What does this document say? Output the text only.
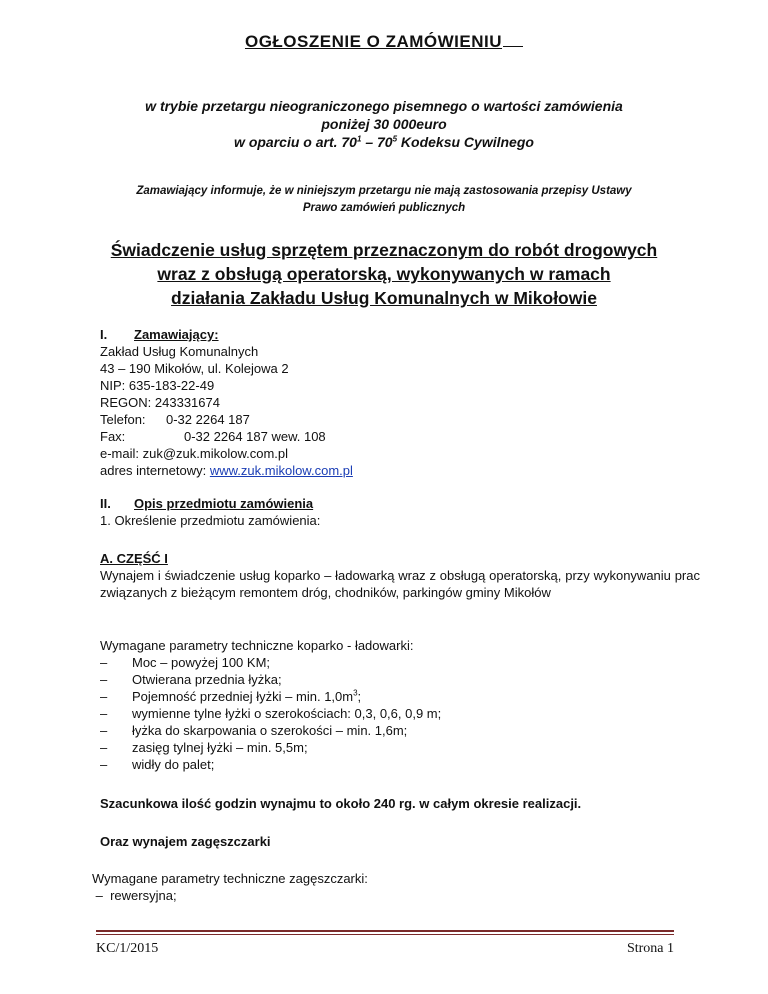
OGŁOSZENIE O ZAMÓWIENIU
w trybie przetargu nieograniczonego pisemnego o wartości zamówienia
poniżej 30 000euro
w oparciu o art. $70^1 - 70^5$ Kodeksu Cywilnego
Zamawiający informuje, że w niniejszym przetargu nie mają zastosowania przepisy Ustawy
Prawo zamówień publicznych
Świadczenie usług sprzętem przeznaczonym do robót drogowych
wraz z obsługą operatorską, wykonywanych w ramach
działania Zakładu Usług Komunalnych w Mikołowie
I. Zamawiający:
Zakład Usług Komunalnych
43 – 190 Mikołów, ul. Kolejowa 2
NIP: 635-183-22-49
REGON: 243331674
Telefon: 0-32 2264 187
Fax:	0-32 2264 187 wew. 108
e-mail: zuk@zuk.mikolow.com.pl
adres internetowy: www.zuk.mikolow.com.pl
II. Opis przedmiotu zamówienia
1. Określenie przedmiotu zamówienia:
A. CZĘŚĆ I
Wynajem i świadczenie usług koparko – ładowarką wraz z obsługą operatorską, przy wykonywaniu prac związanych z bieżącym remontem dróg, chodników, parkingów gminy Mikołów
Wymagane parametry techniczne koparko - ładowarki:
– Moc – powyżej 100 KM;
– Otwierana przednia łyżka;
– Pojemność przedniej łyżki – min. $1,0m^3$;
– wymienne tylne łyżki o szerokościach: 0,3, 0,6, 0,9 m;
– łyżka do skarpowania o szerokości – min. 1,6m;
– zasięg tylnej łyżki – min. 5,5m;
– widły do palet;
Szacunkowa ilość godzin wynajmu to około 240 rg. w całym okresie realizacji.
Oraz wynajem zagęszczarki
Wymagane parametry techniczne zagęszczarki:
– rewersyjna;
KC/1/2015	Strona 1
